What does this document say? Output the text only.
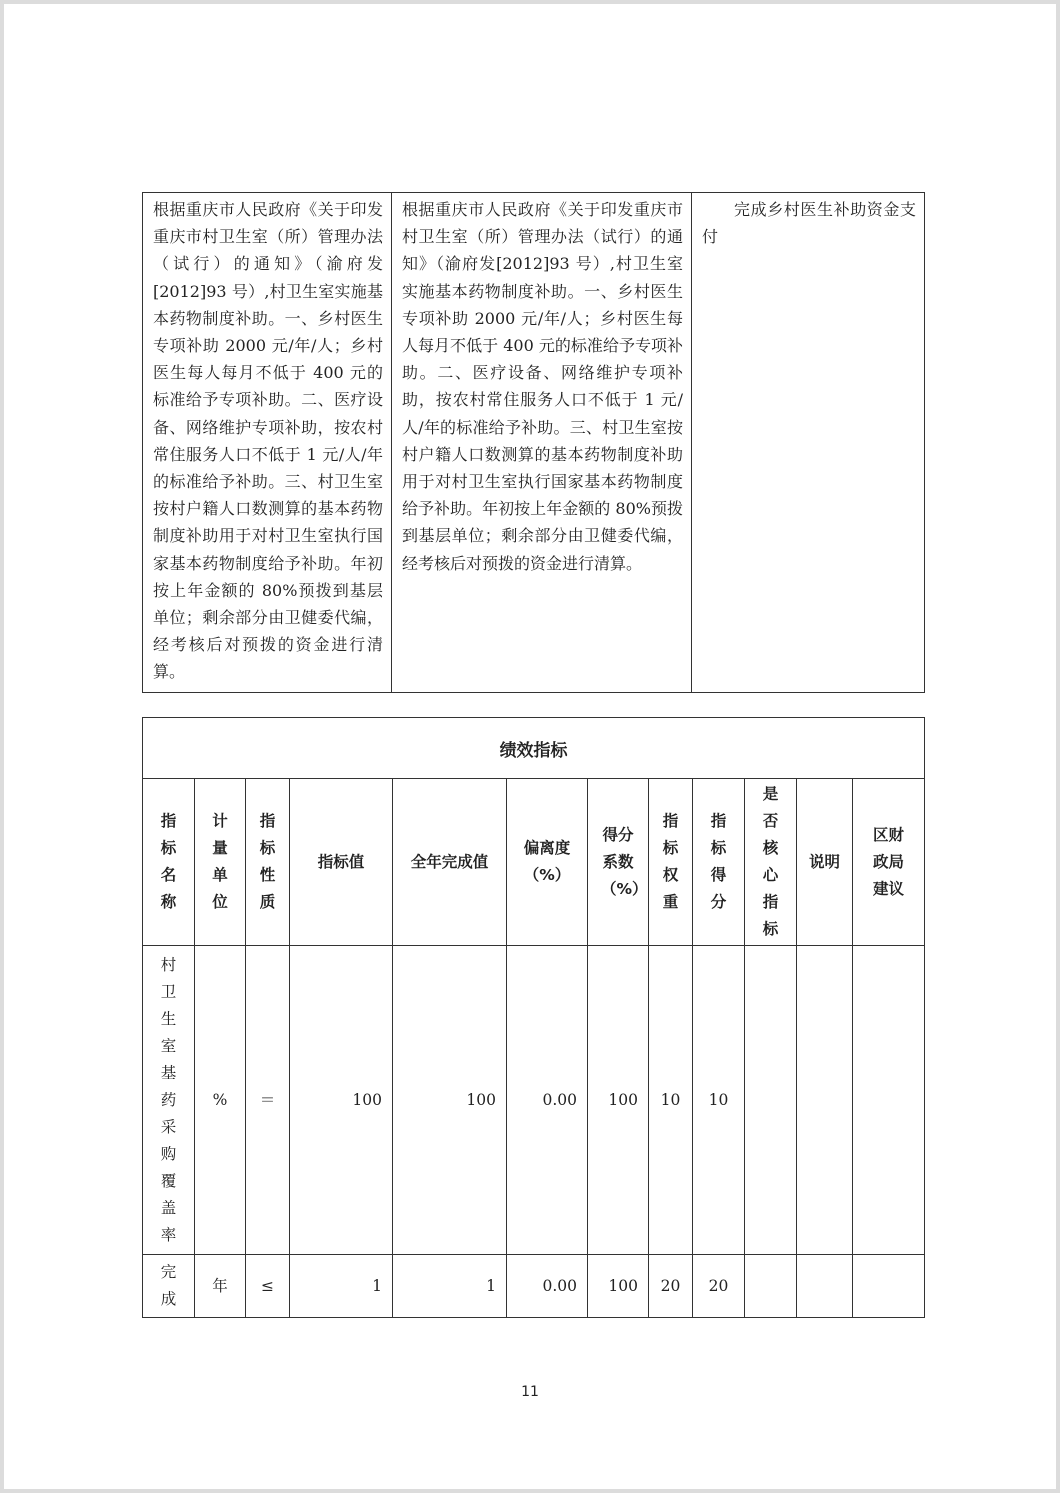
根据重庆市人民政府《关于印发重庆市村卫生室（所）管理办法（试行）的通知》（渝府发[2012]93 号）,村卫生室实施基本药物制度补助。一、乡村医生专项补助 2000 元/年/人；乡村医生每人每月不低于 400 元的标准给予专项补助。二、医疗设备、网络维护专项补助，按农村常住服务人口不低于 1 元/人/年的标准给予补助。三、村卫生室按村户籍人口数测算的基本药物制度补助用于对村卫生室执行国家基本药物制度给予补助。年初按上年金额的 80%预拨到基层单位；剩余部分由卫健委代编，经考核后对预拨的资金进行清算。	根据重庆市人民政府《关于印发重庆市村卫生室（所）管理办法（试行）的通知》（渝府发[2012]93 号）,村卫生室实施基本药物制度补助。一、乡村医生专项补助 2000 元/年/人；乡村医生每人每月不低于 400 元的标准给予专项补助。二、医疗设备、网络维护专项补助，按农村常住服务人口不低于 1 元/人/年的标准给予补助。三、村卫生室按村户籍人口数测算的基本药物制度补助用于对村卫生室执行国家基本药物制度给予补助。年初按上年金额的 80%预拨到基层单位；剩余部分由卫健委代编，经考核后对预拨的资金进行清算。	完成乡村医生补助资金支付
绩效指标											
指标名称	计量单位	指标性质	指标值	全年完成值	偏离度（%）	得分系数（%）	指标权重	指标得分	是否核心指标	说明	区财政局建议
村卫生室基药采购覆盖率	%	＝	100	100	0.00	100	10	10			
完成	年	≤	1	1	0.00	100	20	20			
11
